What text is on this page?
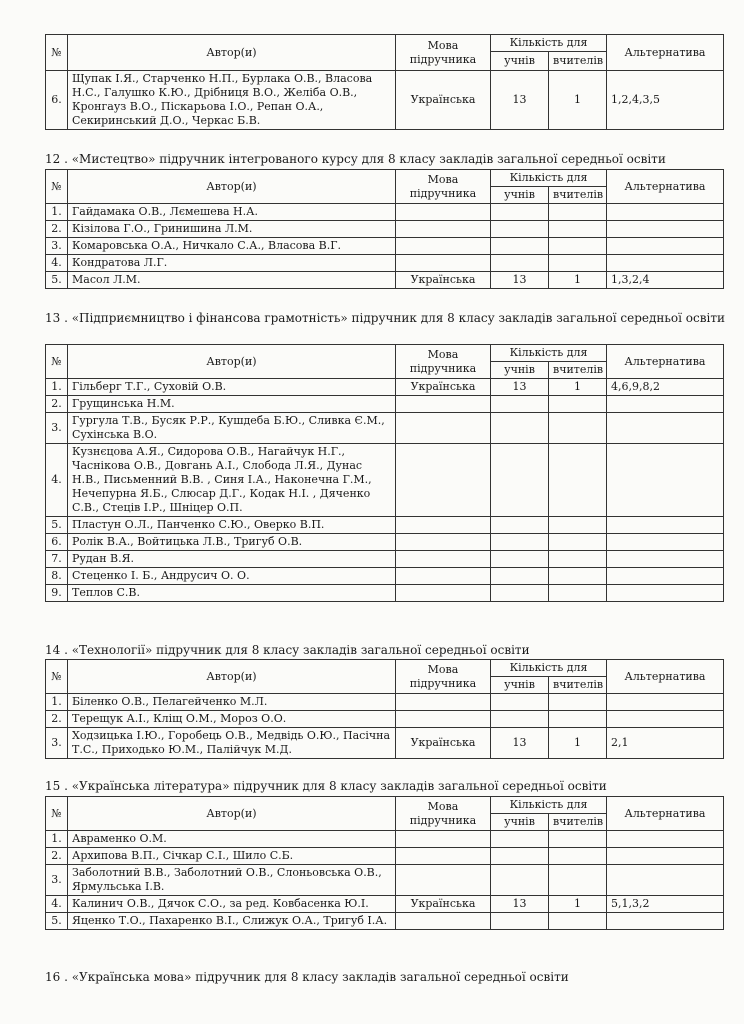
№	Автор(и)	Мова підручника	Кількість для		Альтернатива
			учнів	вчителів	
6.	Щупак І.Я., Старченко Н.П., Бурлака О.В., Власова Н.С., Галушко К.Ю., Дрібниця В.О., Желіба О.В., Кронгауз В.О., Піскарьова І.О., Репан О.А., Секиринський Д.О., Черкас Б.В.	Українська	13	1	1,2,4,3,5
12 . «Мистецтво» підручник інтегрованого курсу для 8 класу закладів загальної середньої освіти
№	Автор(и)	Мова підручника	Кількість для		Альтернатива
			учнів	вчителів	
1.	Гайдамака О.В., Лємешева Н.А.				
2.	Кізілова Г.О., Гринишина Л.М.				
3.	Комаровська О.А., Ничкало С.А., Власова В.Г.				
4.	Кондратова Л.Г.				
5.	Масол Л.М.	Українська	13	1	1,3,2,4
13 . «Підприємництво і фінансова грамотність» підручник для 8 класу закладів загальної середньої освіти
№	Автор(и)	Мова підручника	Кількість для		Альтернатива
			учнів	вчителів	
1.	Гільберг Т.Г., Суховій О.В.	Українська	13	1	4,6,9,8,2
2.	Грущинська Н.М.				
3.	Гургула Т.В., Бусяк Р.Р., Кушдеба Б.Ю., Сливка Є.М., Сухінська В.О.				
4.	Кузнєцова А.Я., Сидорова О.В., Нагайчук Н.Г., Часнікова О.В., Довгань А.І., Слобода Л.Я., Дунас Н.В., Письменний В.В. , Синя І.А., Наконечна Г.М., Нечепурна Я.Б., Слюсар Д.Г., Кодак Н.І. , Дяченко С.В., Стеців І.Р., Шніцер О.П.				
5.	Пластун О.Л., Панченко С.Ю., Оверко В.П.				
6.	Ролік В.А., Войтицька Л.В., Тригуб О.В.				
7.	Рудан В.Я.				
8.	Стеценко І. Б., Андрусич О. О.				
9.	Теплов С.В.				
14 . «Технології» підручник для 8 класу закладів загальної середньої освіти
№	Автор(и)	Мова підручника	Кількість для		Альтернатива
			учнів	вчителів	
1.	Біленко О.В., Пелагейченко М.Л.				
2.	Терещук А.І., Кліщ О.М., Мороз О.О.				
3.	Ходзицька І.Ю., Горобець О.В., Медвідь О.Ю., Пасічна Т.С., Приходько Ю.М., Палійчук М.Д.	Українська	13	1	2,1
15 . «Українська література» підручник для 8 класу закладів загальної середньої освіти
№	Автор(и)	Мова підручника	Кількість для		Альтернатива
			учнів	вчителів	
1.	Авраменко О.М.				
2.	Архипова В.П., Січкар С.І., Шило С.Б.				
3.	Заболотний В.В., Заболотний О.В., Слоньовська О.В., Ярмульська І.В.				
4.	Калинич О.В., Дячок С.О., за ред. Ковбасенка Ю.І.	Українська	13	1	5,1,3,2
5.	Яценко Т.О., Пахаренко В.І., Слижук О.А., Тригуб І.А.				
16 . «Українська мова» підручник для 8 класу закладів загальної середньої освіти
